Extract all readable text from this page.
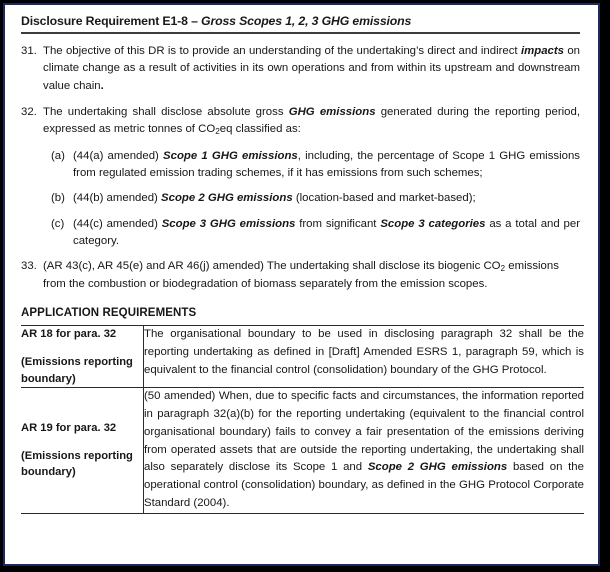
Disclosure Requirement E1-8 – Gross Scopes 1, 2, 3 GHG emissions
31. The objective of this DR is to provide an understanding of the undertaking’s direct and indirect impacts on climate change as a result of activities in its own operations and from within its upstream and downstream value chain.
32. The undertaking shall disclose absolute gross GHG emissions generated during the reporting period, expressed as metric tonnes of $CO_2eq$ classified as:
(a) (44(a) amended) Scope 1 GHG emissions, including, the percentage of Scope 1 GHG emissions from regulated emission trading schemes, if it has emissions from such schemes;
(b) (44(b) amended) Scope 2 GHG emissions (location-based and market-based);
(c) (44(c) amended) Scope 3 GHG emissions from significant Scope 3 categories as a total and per category.
33. (AR 43(c), AR 45(e) and AR 46(j) amended) The undertaking shall disclose its biogenic $CO_2$ emissions from the combustion or biodegradation of biomass separately from the emission scopes.
APPLICATION REQUIREMENTS
AR 18 for para. 32
(Emissions reporting boundary)	The organisational boundary to be used in disclosing paragraph 32 shall be the reporting undertaking as defined in [Draft] Amended ESRS 1, paragraph 59, which is equivalent to the financial control (consolidation) boundary of the GHG Protocol.

AR 19 for para. 32
(Emissions reporting boundary)	(50 amended) When, due to specific facts and circumstances, the information reported in paragraph 32(a)(b) for the reporting undertaking (equivalent to the financial control organisational boundary) fails to convey a fair presentation of the emissions deriving from operated assets that are outside the reporting undertaking, the undertaking shall also separately disclose its Scope 1 and Scope 2 GHG emissions based on the operational control (consolidation) boundary, as defined in the GHG Protocol Corporate Standard (2004).
